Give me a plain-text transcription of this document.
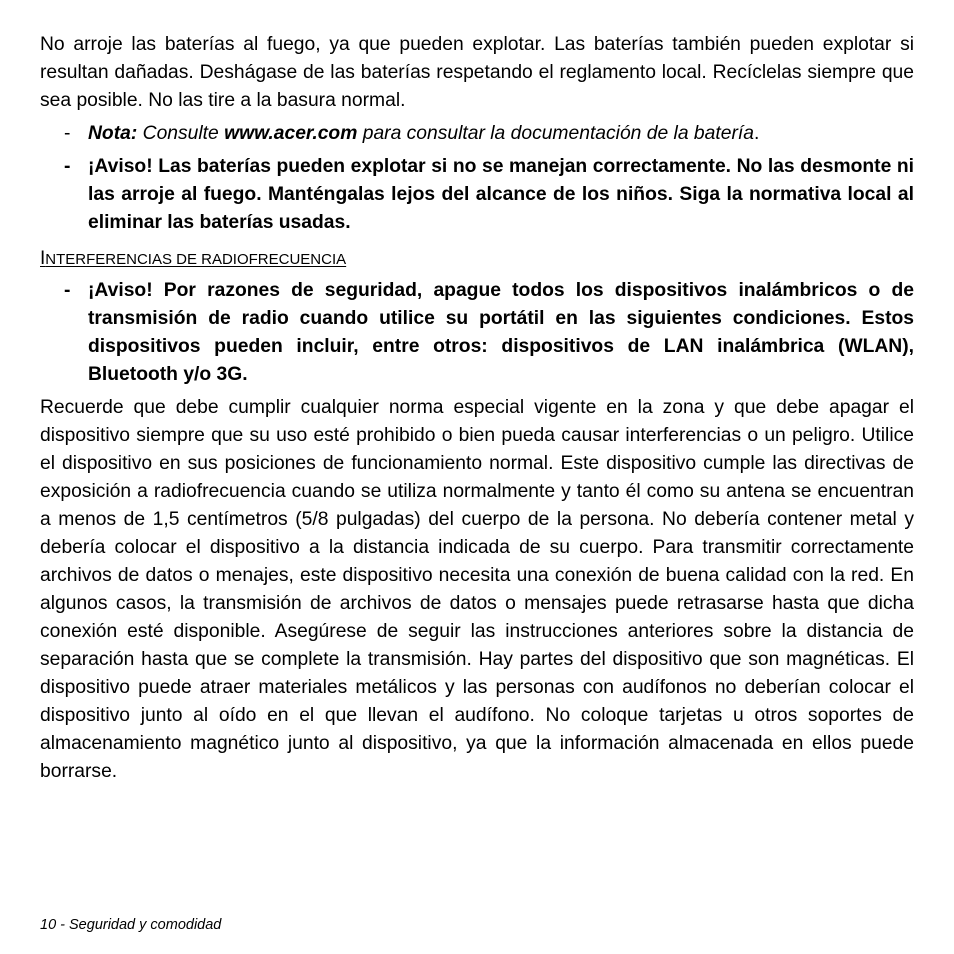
No arroje las baterías al fuego, ya que pueden explotar. Las baterías también pueden explotar si resultan dañadas. Deshágase de las baterías respetando el reglamento local. Recíclelas siempre que sea posible. No las tire a la basura normal.

- Nota: Consulte www.acer.com para consultar la documentación de la batería.
- ¡Aviso! Las baterías pueden explotar si no se manejan correctamente. No las desmonte ni las arroje al fuego. Manténgalas lejos del alcance de los niños. Siga la normativa local al eliminar las baterías usadas.
INTERFERENCIAS DE RADIOFRECUENCIA
- ¡Aviso! Por razones de seguridad, apague todos los dispositivos inalámbricos o de transmisión de radio cuando utilice su portátil en las siguientes condiciones. Estos dispositivos pueden incluir, entre otros: dispositivos de LAN inalámbrica (WLAN), Bluetooth y/o 3G.

Recuerde que debe cumplir cualquier norma especial vigente en la zona y que debe apagar el dispositivo siempre que su uso esté prohibido o bien pueda causar interferencias o un peligro. Utilice el dispositivo en sus posiciones de funcionamiento normal. Este dispositivo cumple las directivas de exposición a radiofrecuencia cuando se utiliza normalmente y tanto él como su antena se encuentran a menos de 1,5 centímetros (5/8 pulgadas) del cuerpo de la persona. No debería contener metal y debería colocar el dispositivo a la distancia indicada de su cuerpo. Para transmitir correctamente archivos de datos o menajes, este dispositivo necesita una conexión de buena calidad con la red. En algunos casos, la transmisión de archivos de datos o mensajes puede retrasarse hasta que dicha conexión esté disponible. Asegúrese de seguir las instrucciones anteriores sobre la distancia de separación hasta que se complete la transmisión. Hay partes del dispositivo que son magnéticas. El dispositivo puede atraer materiales metálicos y las personas con audífonos no deberían colocar el dispositivo junto al oído en el que llevan el audífono. No coloque tarjetas u otros soportes de almacenamiento magnético junto al dispositivo, ya que la información almacenada en ellos puede borrarse.

10 - Seguridad y comodidad
